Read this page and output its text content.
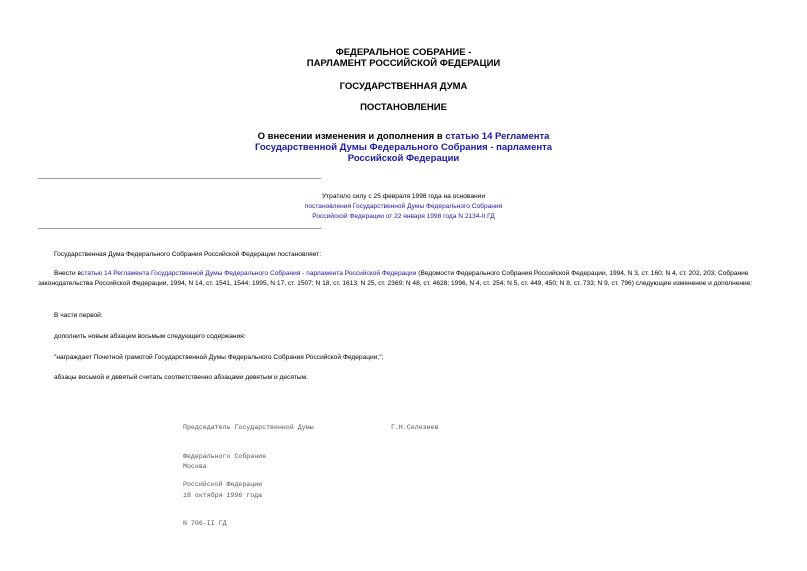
ФЕДЕРАЛЬНОЕ СОБРАНИЕ -
ПАРЛАМЕНТ РОССИЙСКОЙ ФЕДЕРАЦИИ
ГОСУДАРСТВЕННАЯ ДУМА
ПОСТАНОВЛЕНИЕ
О внесении изменения и дополнения в статью 14 Регламента
Государственной Думы Федерального Собрания - парламента
Российской Федерации
Утратило силу с 25 февраля 1998 года на основании
постановления Государственной Думы Федерального Собрания
Российской Федерации от 22 января 1998 года N 2134-II ГД
Государственная Дума Федерального Собрания Российской Федерации постановляет:
Внести встатью 14 Регламента Государственной Думы Федерального Собрания - парламента Российской Федерации (Ведомости Федерального Собрания Российской Федерации, 1994, N 3, ст. 160; N 4, ст. 202, 203; Собрание законодательства Российской Федерации, 1994, N 14, ст. 1541, 1544; 1995, N 17, ст. 1507; N 18, ст. 1613; N 25, ст. 2369; N 48, ст. 4628; 1996, N 4, ст. 254; N 5, ст. 449, 450; N 8, ст. 733; N 9, ст. 796) следующие изменение и дополнение:
В части первой:
дополнить новым абзацем восьмым следующего содержания:
"награждает Почетной грамотой Государственной Думы Федерального Собрания Российской Федерации,";
абзацы восьмой и девятый считать соответственно абзацами девятым и десятым.

Председатель Государственной Думы

Федерального Собрания

Российской Федерации

Г.Н.Селезнев

Москва

18 октября 1996 года

N 706-II ГД
